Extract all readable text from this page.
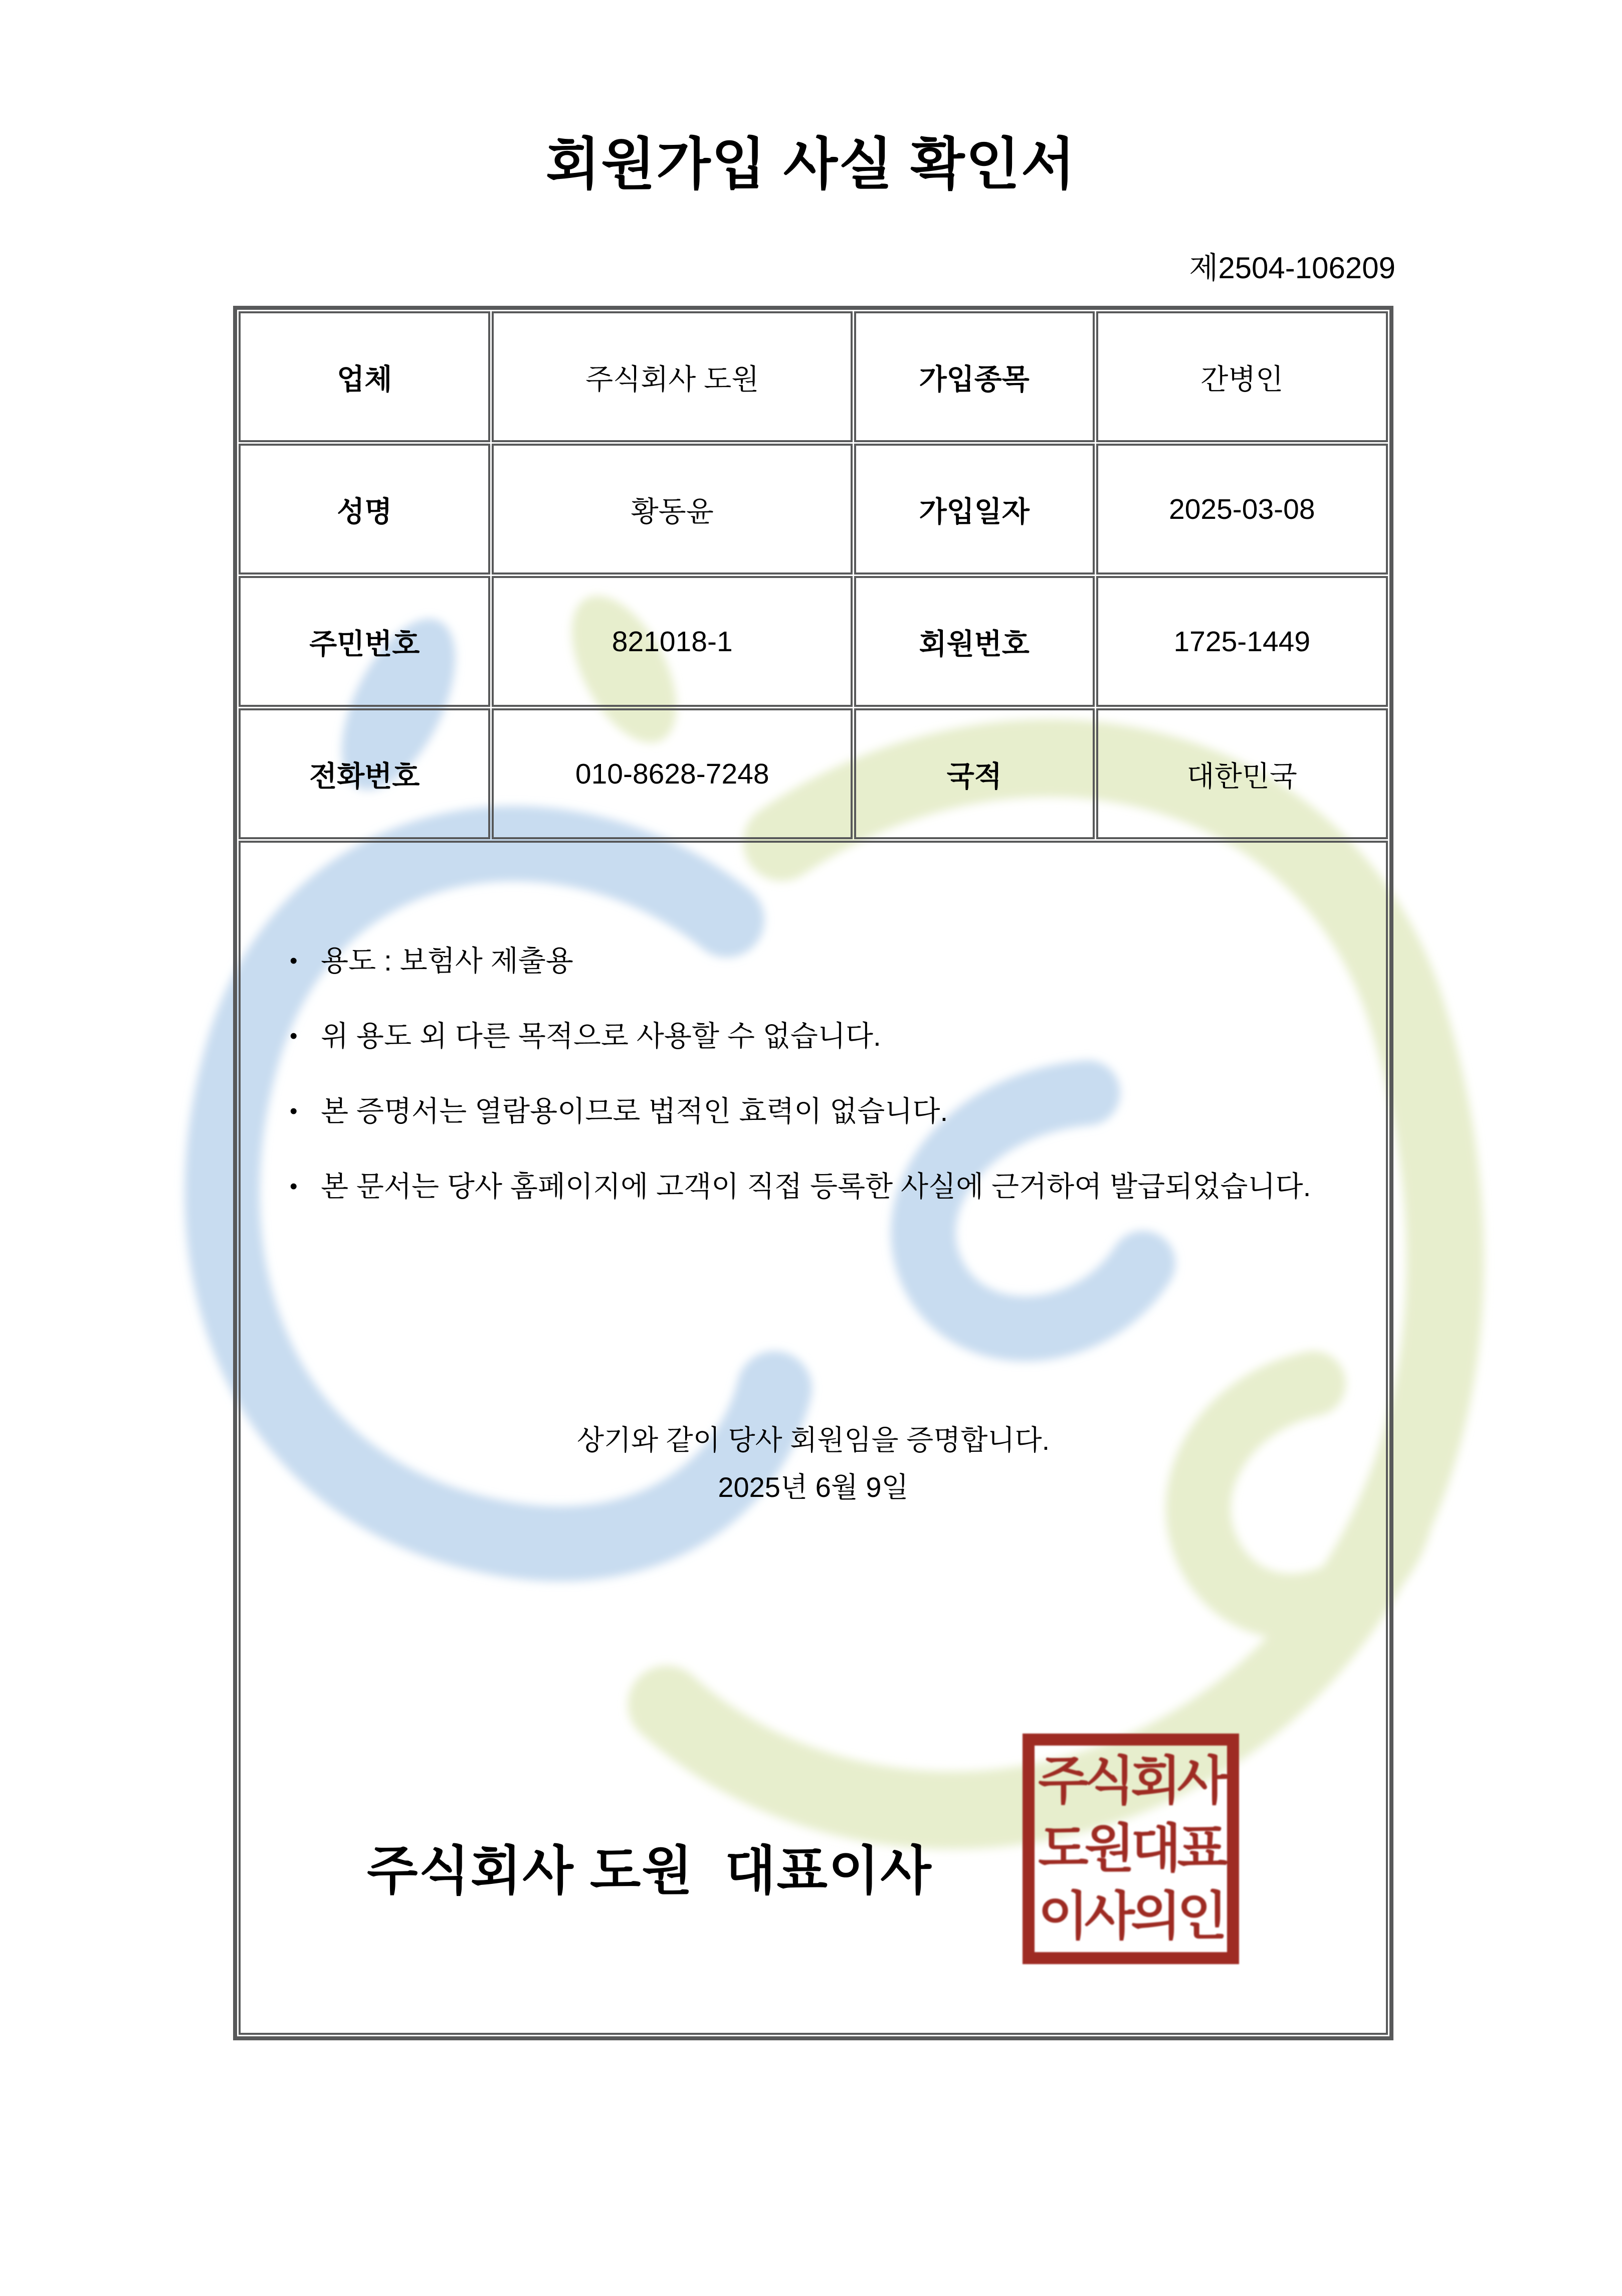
회원가입 사실 확인서
제2504-106209
업체	주식회사 도원	가입종목	간병인
성명	황동윤	가입일자	2025-03-08
주민번호	821018-1	회원번호	1725-1449
전화번호	010-8628-7248	국적	대한민국
• 용도 : 보험사 제출용
• 위 용도 외 다른 목적으로 사용할 수 없습니다.
• 본 증명서는 열람용이므로 법적인 효력이 없습니다.
• 본 문서는 당사 홈페이지에 고객이 직접 등록한 사실에 근거하여 발급되었습니다.
상기와 같이 당사 회원임을 증명합니다.
2025년 6월 9일
주식회사 도원  대표이사
주식회사
도원대표
이사의인
